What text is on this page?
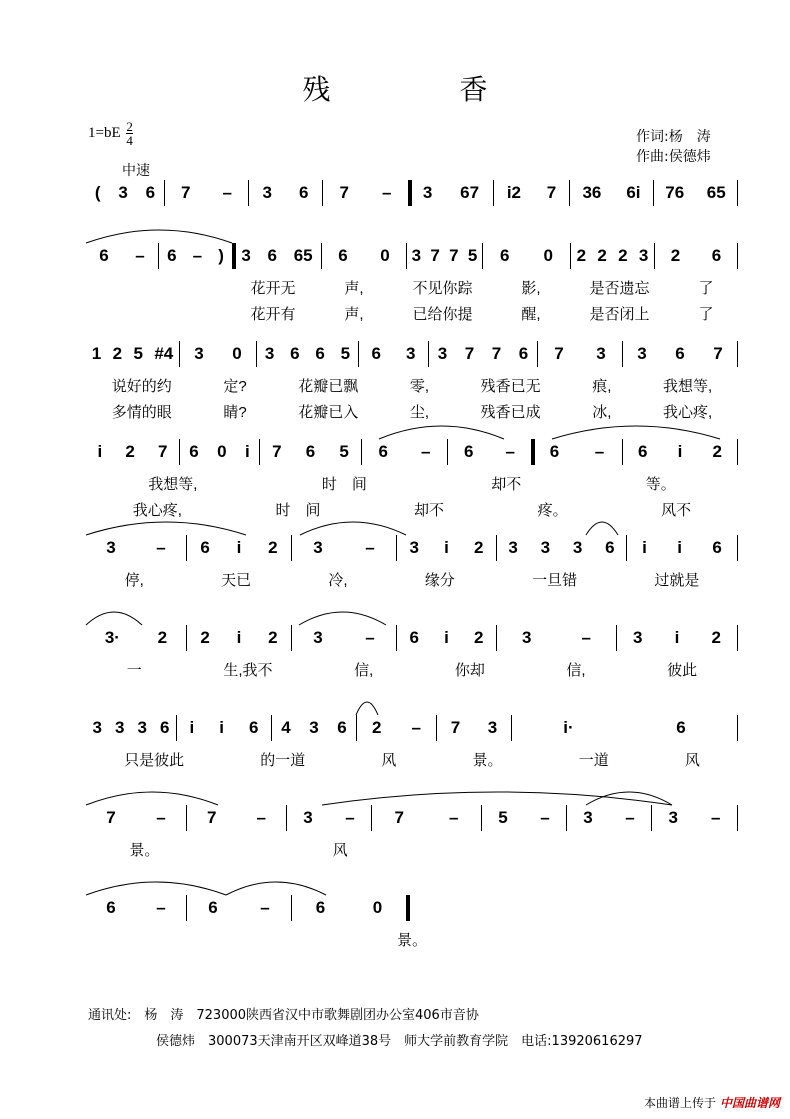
残 香
$1=bE \frac{2}{4}$
中速
作词:杨　涛
作曲:侯德炜
( 3 6 7 – 3 6 7 – 3 67 i2 7 36 6i 76 65
6 – 6 – ) 3 6 65 6 0 3 7 7 5 6 0 2 2 2 3 2 6
花开无	声,	不见你踪	影,	是否遗忘	了
花开有	声,	已给你提	醒,	是否闭上	了
1 2 5 #4 3 0 3 6 6 5 6 3 3 7 7 6 7 3 3 6 7
说好的约	定?	花瓣已飘	零,	残香已无	痕,	我想等,
多情的眼	睛?	花瓣已入	尘,	残香已成	冰,	我心疼,
i 2 7 6 0 i 7 6 5 6 – 6 – 6 – 6 i 2
我想等,	时　间	却不	等。
我心疼,	时　间	却不	疼。	风不
3 – 6 i 2 3	– 3 i 2 3 3 3 6 i i 6
停,	天已	冷,	缘分	一旦错	过就是
3· 2 2 i 2 3	– 6 i 2 3	– 3 i 2
一	生,我不	信,	你却	信,	彼此
3 3 3 6 i i 6 4 3 6 2 – 7 3	i·	6
只是彼此	的一道	风	景。	一道	风
7 – 7 – 3 – 7	– 5 – 3 – 3 –
景。	风
6 –	6	–	6	0
景。
通讯处:　杨　涛　723000陕西省汉中市歌舞剧团办公室406市音协
侯德炜　300073天津南开区双峰道38号　师大学前教育学院　电话:13920616297
本曲谱上传于 中国曲谱网
